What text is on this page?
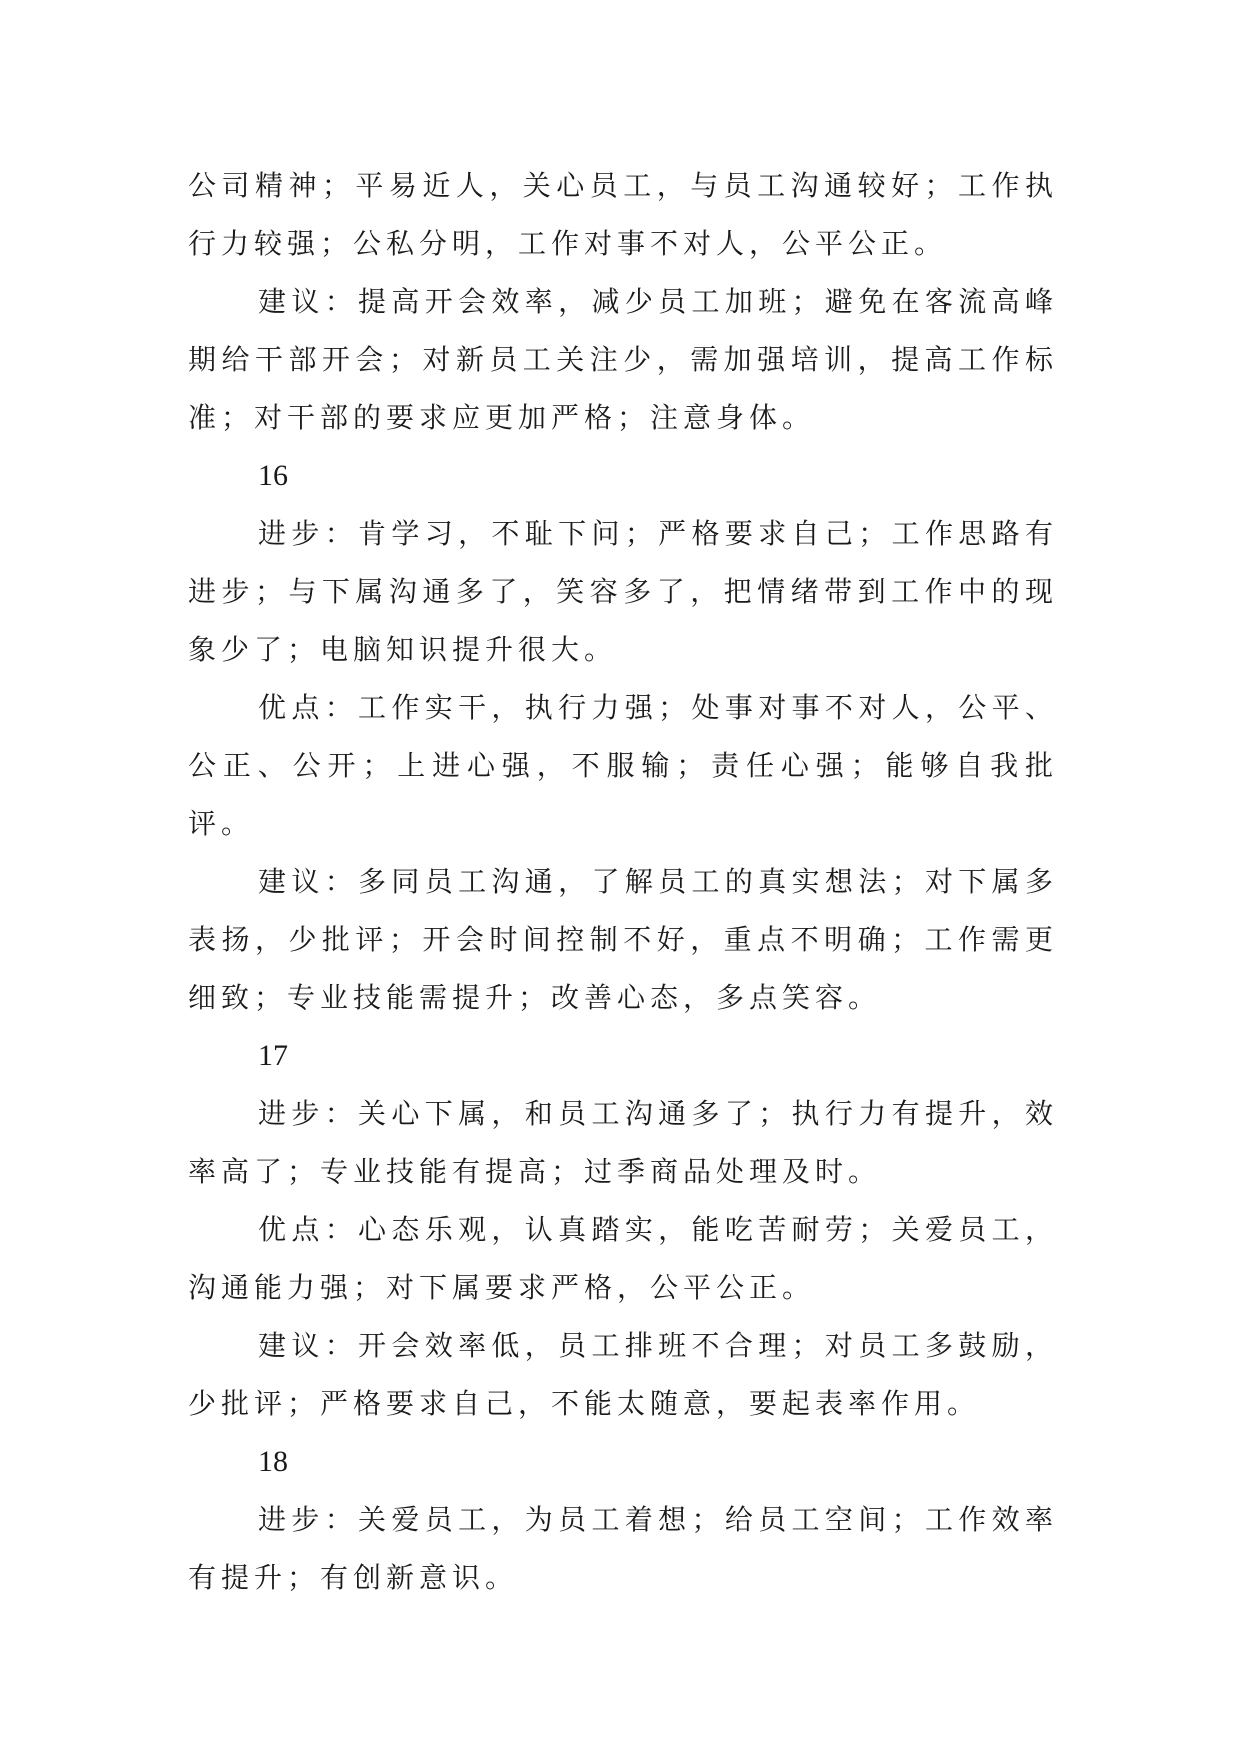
公司精神；平易近人，关心员工，与员工沟通较好；工作执行力较强；公私分明，工作对事不对人，公平公正。

建议：提高开会效率，减少员工加班；避免在客流高峰期给干部开会；对新员工关注少，需加强培训，提高工作标准；对干部的要求应更加严格；注意身体。

16

进步：肯学习，不耻下问；严格要求自己；工作思路有进步；与下属沟通多了，笑容多了，把情绪带到工作中的现象少了；电脑知识提升很大。

优点：工作实干，执行力强；处事对事不对人，公平、公正、公开；上进心强，不服输；责任心强；能够自我批评。

建议：多同员工沟通，了解员工的真实想法；对下属多表扬，少批评；开会时间控制不好，重点不明确；工作需更细致；专业技能需提升；改善心态，多点笑容。

17

进步：关心下属，和员工沟通多了；执行力有提升，效率高了；专业技能有提高；过季商品处理及时。

优点：心态乐观，认真踏实，能吃苦耐劳；关爱员工，沟通能力强；对下属要求严格，公平公正。

建议：开会效率低，员工排班不合理；对员工多鼓励，少批评；严格要求自己，不能太随意，要起表率作用。

18

进步：关爱员工，为员工着想；给员工空间；工作效率有提升；有创新意识。
